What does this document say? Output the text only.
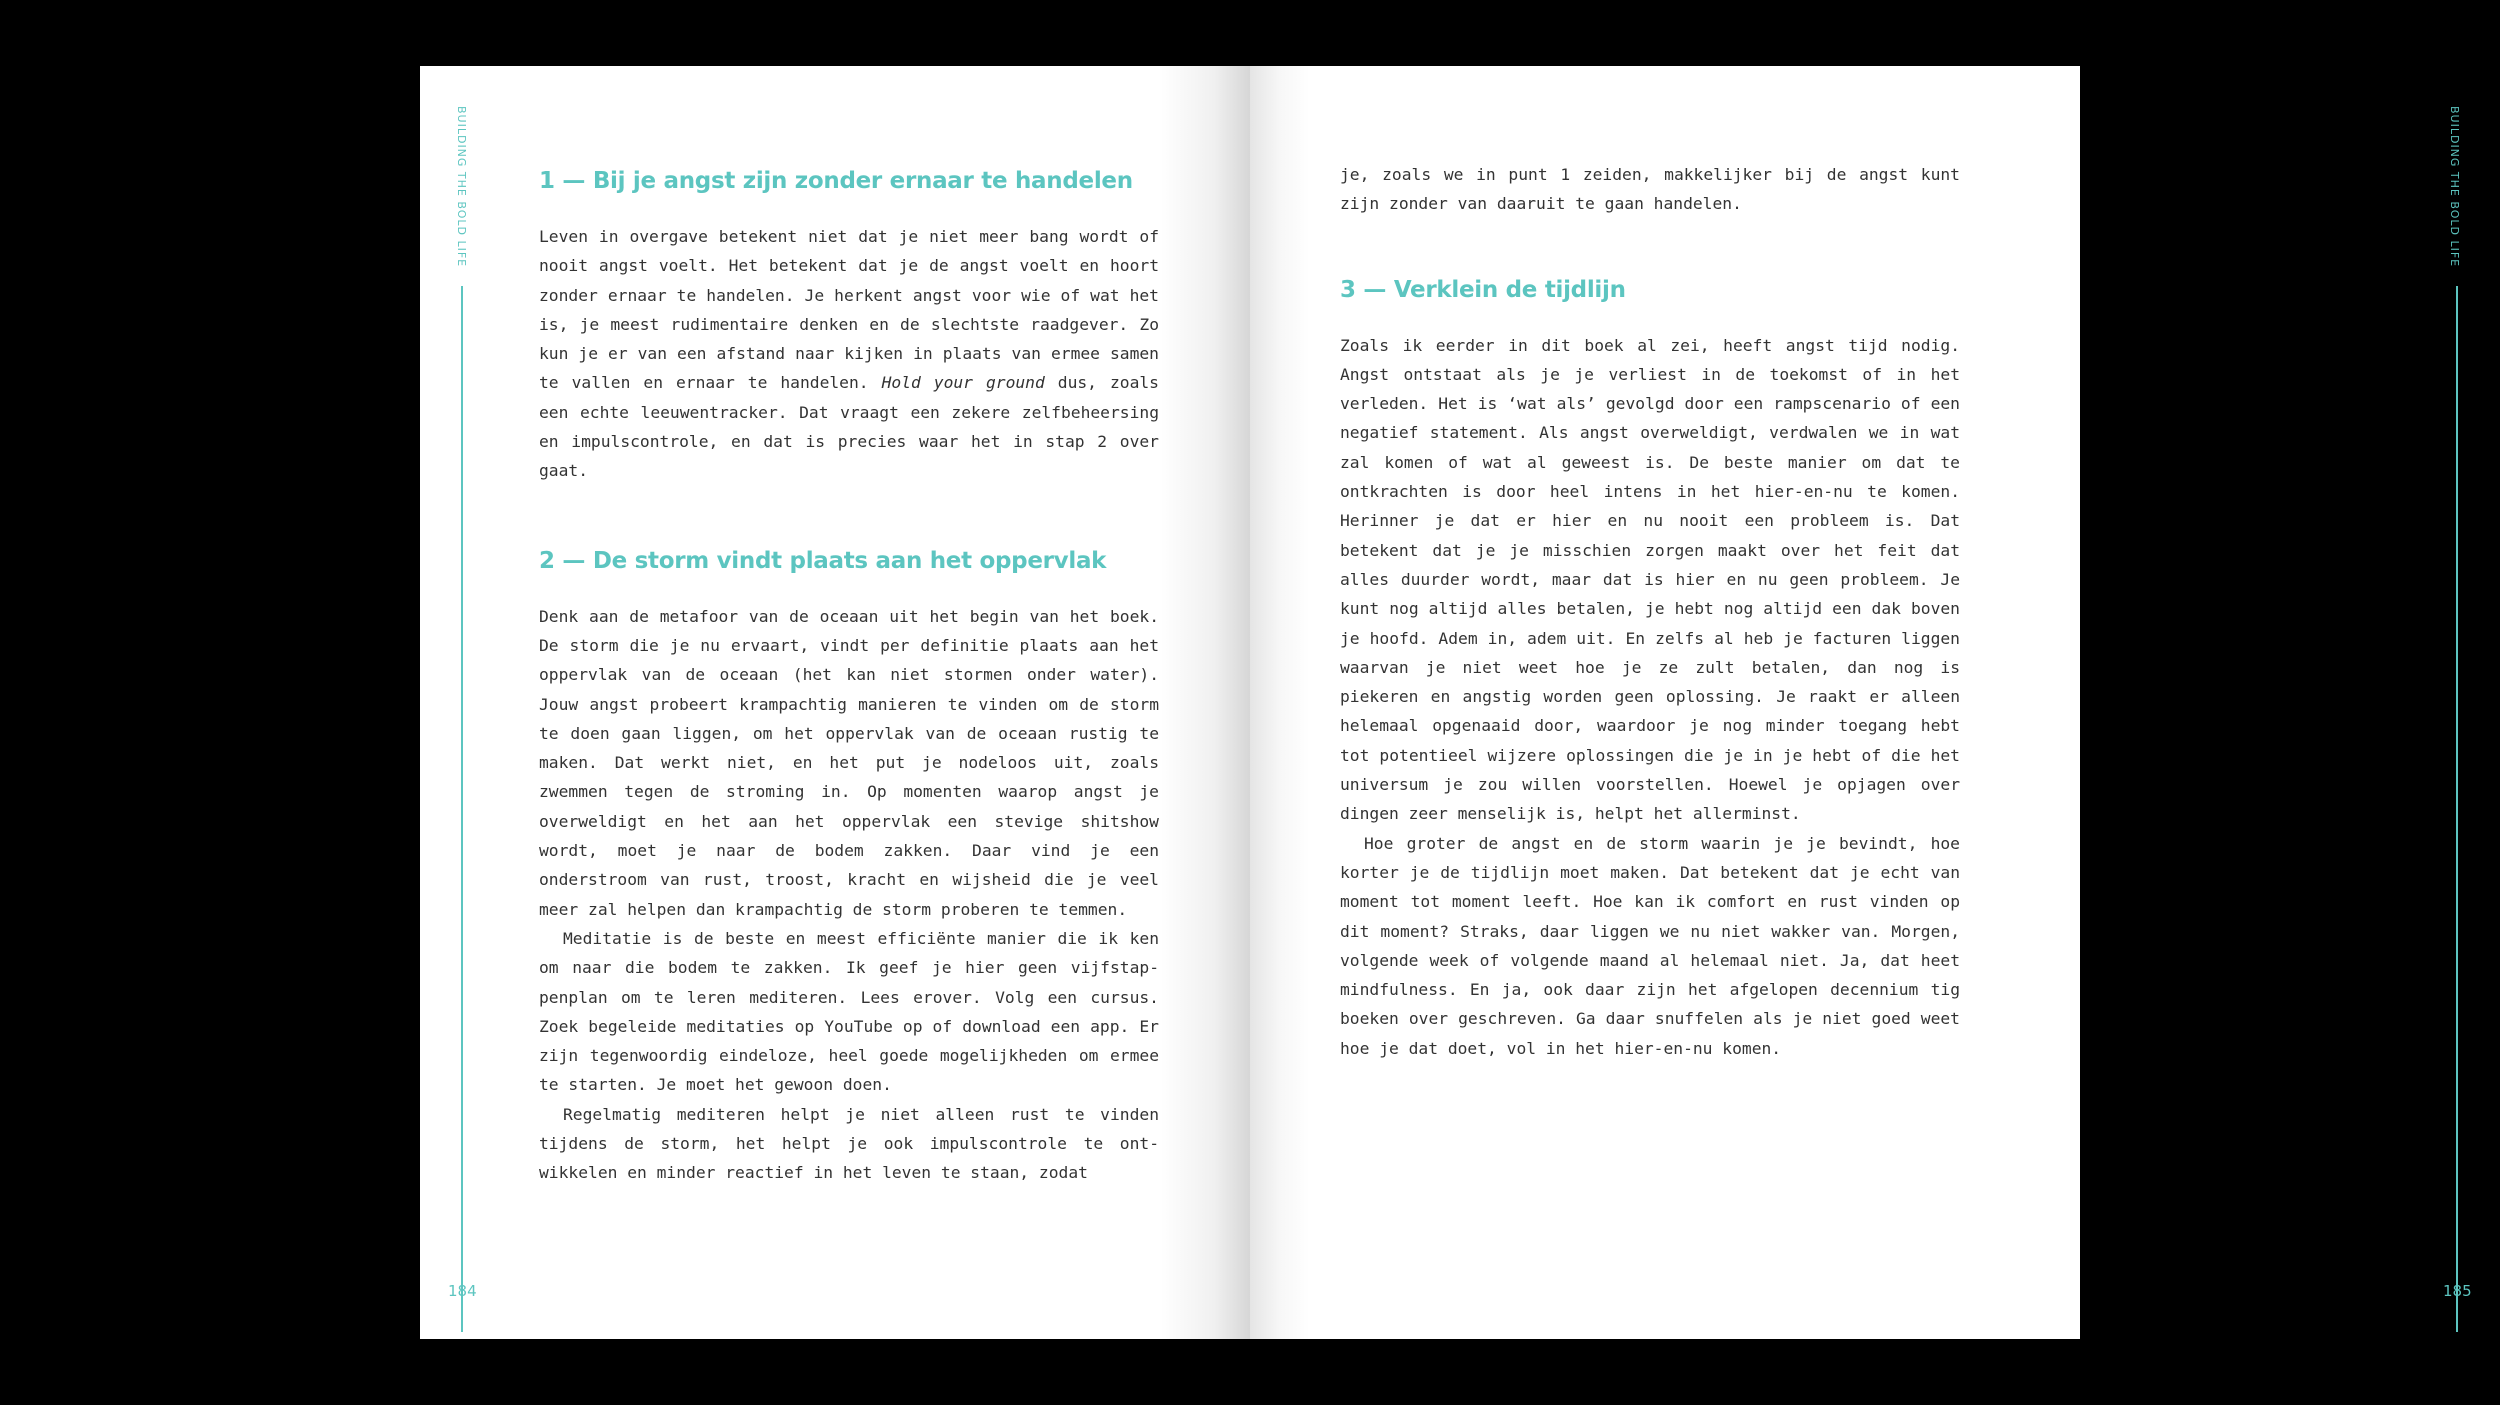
BUILDING THE BOLD LIFE	1 — Bij je angst zijn zonder ernaar te handelen

Leven in overgave betekent niet dat je niet meer bang wordt of nooit angst voelt. Het betekent dat je de angst voelt en hoort zonder ernaar te handelen. Je herkent angst voor wie of wat het is, je meest rudimentaire denken en de slechtste raadgever. Zo kun je er van een afstand naar kijken in plaats van ermee samen te vallen en ernaar te handelen. Hold your ground dus, zoals een echte leeuwentracker. Dat vraagt een zekere zelfbeheersing en impulscontrole, en dat is precies waar het in stap 2 over gaat.

2 — De storm vindt plaats aan het oppervlak

Denk aan de metafoor van de oceaan uit het begin van het boek. De storm die je nu ervaart, vindt per definitie plaats aan het oppervlak van de oceaan (het kan niet stormen onder water). Jouw angst probeert krampachtig manieren te vinden om de storm te doen gaan liggen, om het oppervlak van de oceaan rustig te maken. Dat werkt niet, en het put je nodeloos uit, zoals zwemmen tegen de stroming in. Op momenten waarop angst je overweldigt en het aan het oppervlak een stevige shitshow wordt, moet je naar de bodem zakken. Daar vind je een onderstroom van rust, troost, kracht en wijsheid die je veel meer zal helpen dan krampachtig de storm proberen te temmen.

Meditatie is de beste en meest efficiënte manier die ik ken om naar die bodem te zakken. Ik geef je hier geen vijfstappenplan om te leren mediteren. Lees erover. Volg een cursus. Zoek begeleide meditaties op YouTube op of download een app. Er zijn tegenwoordig eindeloze, heel goede mogelijkheden om ermee te starten. Je moet het gewoon doen.

Regelmatig mediteren helpt je niet alleen rust te vinden tijdens de storm, het helpt je ook impulscontrole te ontwikkelen en minder reactief in het leven te staan, zodat

184

je, zoals we in punt 1 zeiden, makkelijker bij de angst kunt zijn zonder van daaruit te gaan handelen.

3 — Verklein de tijdlijn

Zoals ik eerder in dit boek al zei, heeft angst tijd nodig. Angst ontstaat als je je verliest in de toekomst of in het verleden. Het is ‘wat als’ gevolgd door een rampscenario of een negatief statement. Als angst overweldigt, verdwalen we in wat zal komen of wat al geweest is. De beste manier om dat te ontkrachten is door heel intens in het hier-en-nu te komen. Herinner je dat er hier en nu nooit een probleem is. Dat betekent dat je je misschien zorgen maakt over het feit dat alles duurder wordt, maar dat is hier en nu geen probleem. Je kunt nog altijd alles betalen, je hebt nog altijd een dak boven je hoofd. Adem in, adem uit. En zelfs al heb je facturen liggen waarvan je niet weet hoe je ze zult betalen, dan nog is piekeren en angstig worden geen oplossing. Je raakt er alleen helemaal opgenaaid door, waardoor je nog minder toegang hebt tot potentieel wijzere oplossingen die je in je hebt of die het universum je zou willen voorstellen. Hoewel je opjagen over dingen zeer menselijk is, helpt het allerminst.

Hoe groter de angst en de storm waarin je je bevindt, hoe korter je de tijdlijn moet maken. Dat betekent dat je echt van moment tot moment leeft. Hoe kan ik comfort en rust vinden op dit moment? Straks, daar liggen we nu niet wakker van. Morgen, volgende week of volgende maand al helemaal niet. Ja, dat heet mindfulness. En ja, ook daar zijn het afgelopen decennium tig boeken over geschreven. Ga daar snuffelen als je niet goed weet hoe je dat doet, vol in het hier-en-nu komen.

BUILDING THE BOLD LIFE
185
